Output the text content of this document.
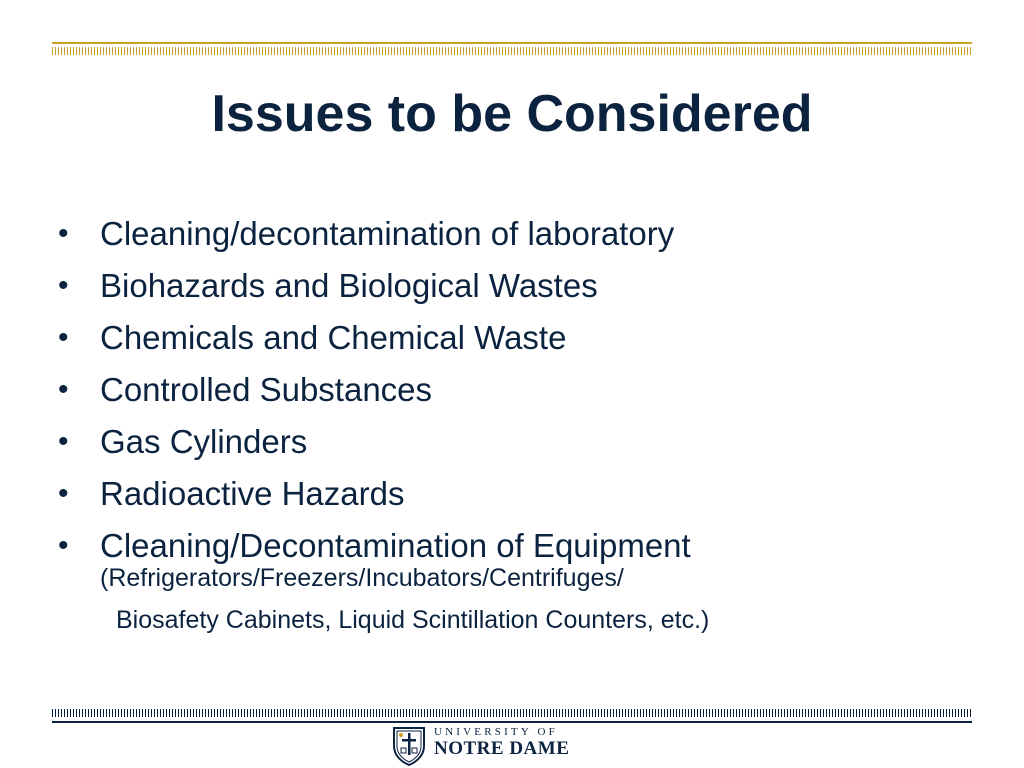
Issues to be Considered
• Cleaning/decontamination of laboratory
• Biohazards and Biological Wastes
• Chemicals and Chemical Waste
• Controlled Substances
• Gas Cylinders
• Radioactive Hazards
• Cleaning/Decontamination of Equipment
(Refrigerators/Freezers/Incubators/Centrifuges/
Biosafety Cabinets, Liquid Scintillation Counters, etc.)
UNIVERSITY OF
NOTRE DAME
